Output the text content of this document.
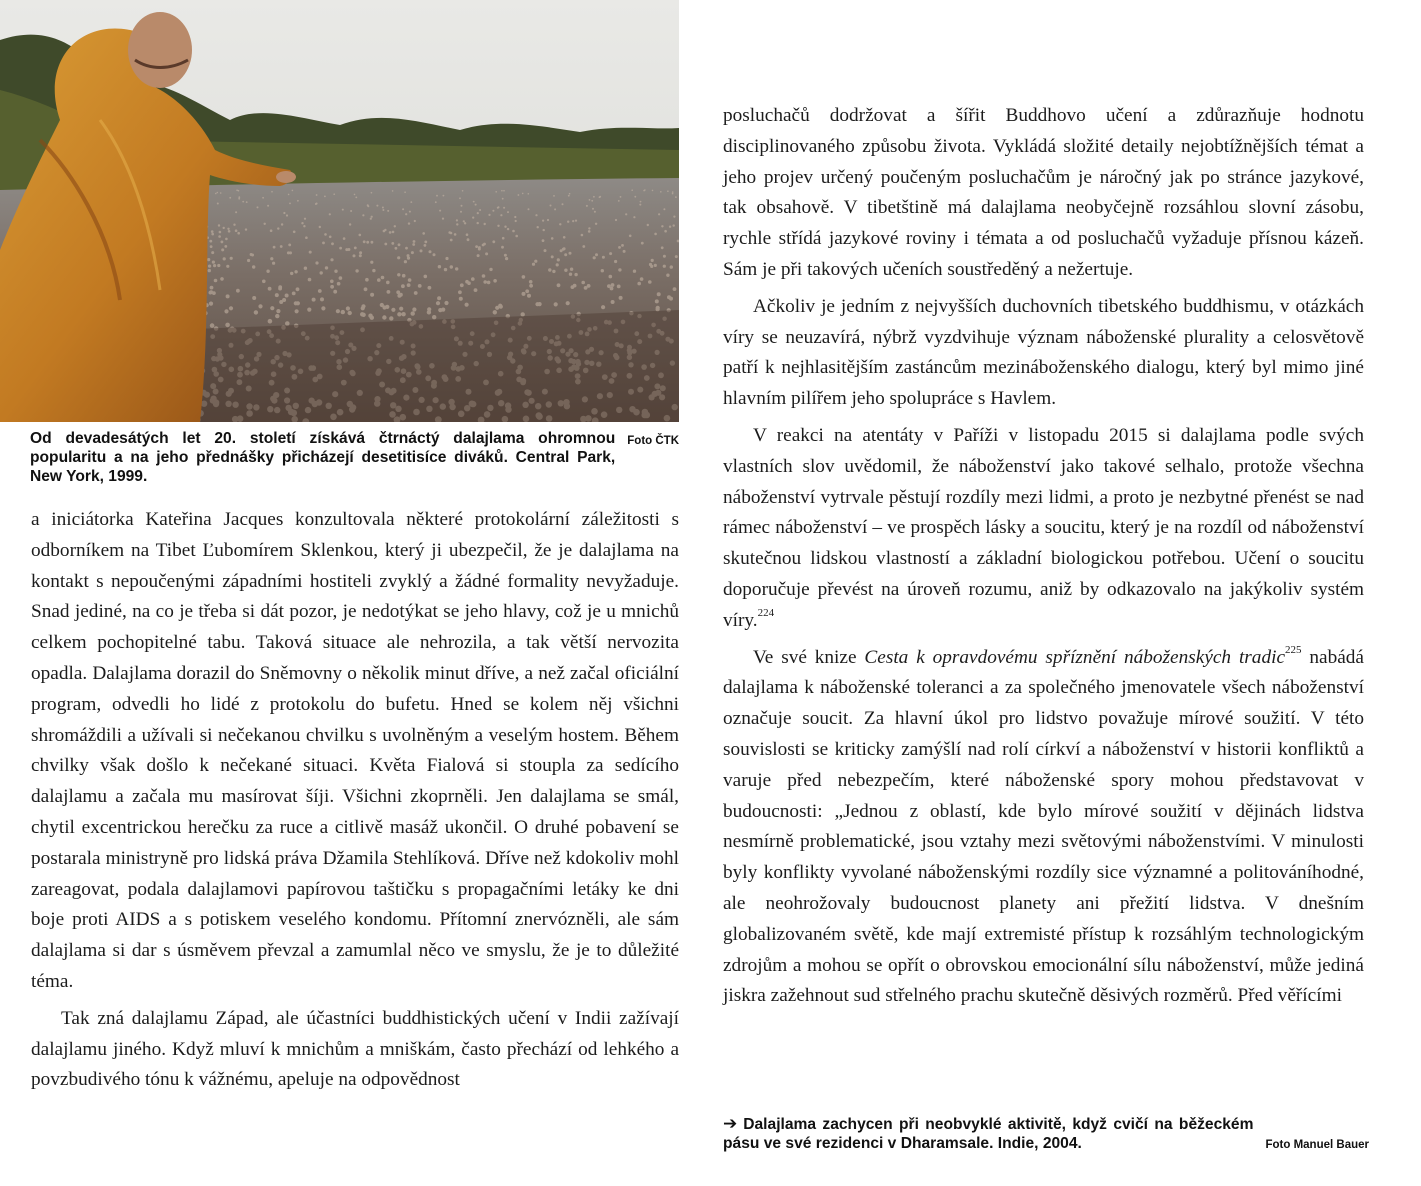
Foto ČTK
Od devadesátých let 20. století získává čtrnáctý dalajlama ohromnou popularitu a na jeho přednášky přicházejí desetitisíce diváků. Central Park, New York, 1999.

a iniciátorka Kateřina Jacques konzultovala některé protokolární záležitosti s odborníkem na Tibet Ľubomírem Sklenkou, který ji ubezpečil, že je dalajlama na kontakt s nepoučenými západními hostiteli zvyklý a žádné formality nevyžaduje. Snad jediné, na co je třeba si dát pozor, je nedotýkat se jeho hlavy, což je u mnichů celkem pochopitelné tabu. Taková situace ale nehrozila, a tak větší nervozita opadla. Dalajlama dorazil do Sněmovny o několik minut dříve, a než začal oficiální program, odvedli ho lidé z protokolu do bufetu. Hned se kolem něj všichni shromáždili a užívali si nečekanou chvilku s uvolněným a veselým hostem. Během chvilky však došlo k nečekané situaci. Květa Fialová si stoupla za sedícího dalajlamu a začala mu masírovat šíji. Všichni zkoprněli. Jen dalajlama se smál, chytil excentrickou herečku za ruce a citlivě masáž ukončil. O druhé pobavení se postarala ministryně pro lidská práva Džamila Stehlíková. Dříve než kdokoliv mohl zareagovat, podala dalajlamovi papírovou taštičku s propagačními letáky ke dni boje proti AIDS a s potiskem veselého kondomu. Přítomní znervózněli, ale sám dalajlama si dar s úsměvem převzal a zamumlal něco ve smyslu, že je to důležité téma.

Tak zná dalajlamu Západ, ale účastníci buddhistických učení v Indii zažívají dalajlamu jiného. Když mluví k mnichům a mniškám, často přechází od lehkého a povzbudivého tónu k vážnému, apeluje na odpovědnost

posluchačů dodržovat a šířit Buddhovo učení a zdůrazňuje hodnotu disciplinovaného způsobu života. Vykládá složité detaily nejobtížnějších témat a jeho projev určený poučeným posluchačům je náročný jak po stránce jazykové, tak obsahově. V tibetštině má dalajlama neobyčejně rozsáhlou slovní zásobu, rychle střídá jazykové roviny i témata a od posluchačů vyžaduje přísnou kázeň. Sám je při takových učeních soustředěný a nežertuje.

Ačkoliv je jedním z nejvyšších duchovních tibetského buddhismu, v otázkách víry se neuzavírá, nýbrž vyzdvihuje význam náboženské plurality a celosvětově patří k nejhlasitějším zastáncům mezináboženského dialogu, který byl mimo jiné hlavním pilířem jeho spolupráce s Havlem.

V reakci na atentáty v Paříži v listopadu 2015 si dalajlama podle svých vlastních slov uvědomil, že náboženství jako takové selhalo, protože všechna náboženství vytrvale pěstují rozdíly mezi lidmi, a proto je nezbytné přenést se nad rámec náboženství – ve prospěch lásky a soucitu, který je na rozdíl od náboženství skutečnou lidskou vlastností a základní biologickou potřebou. Učení o soucitu doporučuje převést na úroveň rozumu, aniž by odkazovalo na jakýkoliv systém víry.$^{224}$

Ve své knize Cesta k opravdovému spříznění náboženských tradic$^{225}$ nabádá dalajlama k náboženské toleranci a za společného jmenovatele všech náboženství označuje soucit. Za hlavní úkol pro lidstvo považuje mírové soužití. V této souvislosti se kriticky zamýšlí nad rolí církví a náboženství v historii konfliktů a varuje před nebezpečím, které náboženské spory mohou představovat v budoucnosti: „Jednou z oblastí, kde bylo mírové soužití v dějinách lidstva nesmírně problematické, jsou vztahy mezi světovými náboženstvími. V minulosti byly konflikty vyvolané náboženskými rozdíly sice významné a politováníhodné, ale neohrožovaly budoucnost planety ani přežití lidstva. V dnešním globalizovaném světě, kde mají extremisté přístup k rozsáhlým technologickým zdrojům a mohou se opřít o obrovskou emocionální sílu náboženství, může jediná jiskra zažehnout sud střelného prachu skutečně děsivých rozměrů. Před věřícími

Foto Manuel Bauer
➔ Dalajlama zachycen při neobvyklé aktivitě, když cvičí na běžeckém pásu ve své rezidenci v Dharamsale. Indie, 2004.
